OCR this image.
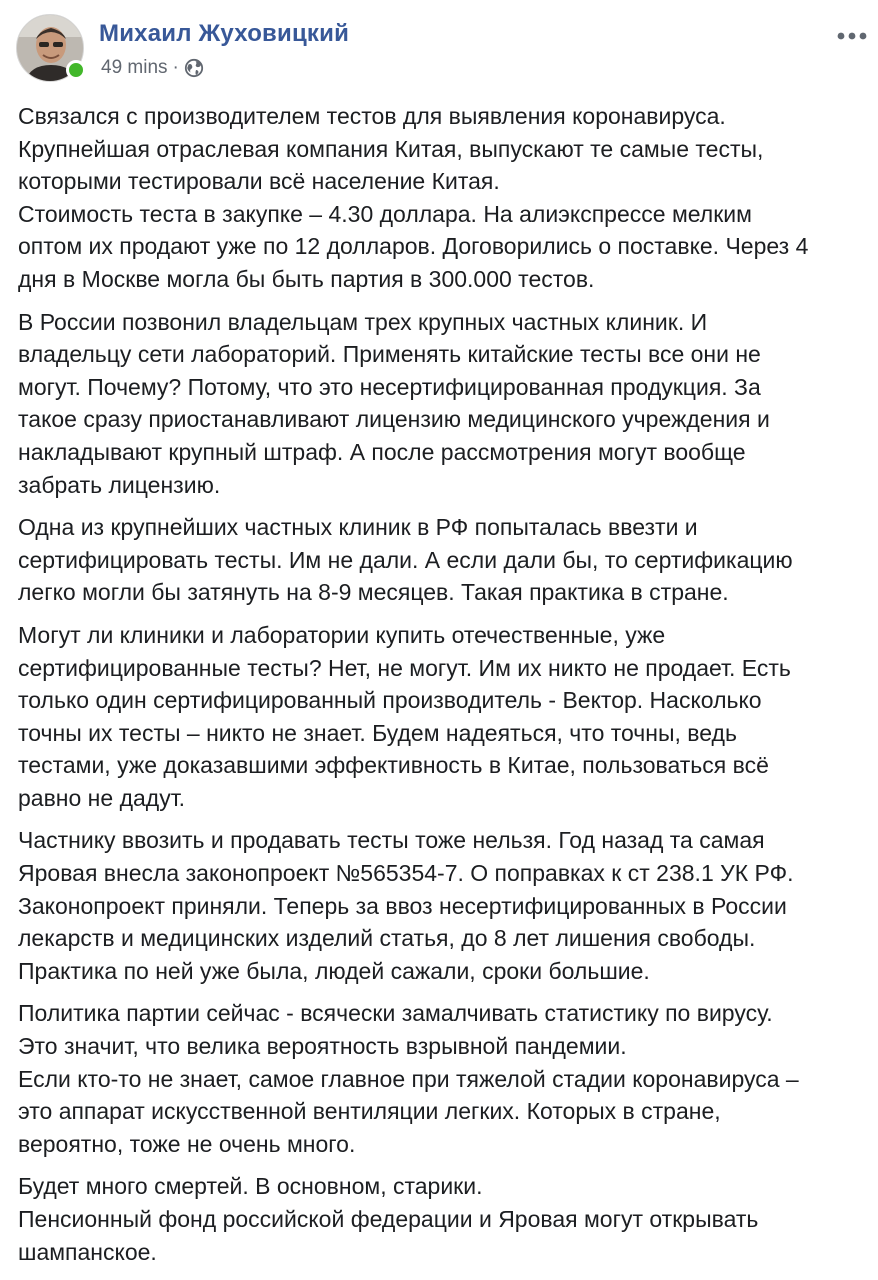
Михаил Жуховицкий
49 mins ·

Связался с производителем тестов для выявления коронавируса.
Крупнейшая отраслевая компания Китая, выпускают те самые тесты,
которыми тестировали всё население Китая.
Стоимость теста в закупке – 4.30 доллара. На алиэкспрессе мелким
оптом их продают уже по 12 долларов. Договорились о поставке. Через 4
дня в Москве могла бы быть партия в 300.000 тестов.

В России позвонил владельцам трех крупных частных клиник. И
владельцу сети лабораторий. Применять китайские тесты все они не
могут. Почему? Потому, что это несертифицированная продукция. За
такое сразу приостанавливают лицензию медицинского учреждения и
накладывают крупный штраф. А после рассмотрения могут вообще
забрать лицензию.

Одна из крупнейших частных клиник в РФ попыталась ввезти и
сертифицировать тесты. Им не дали. А если дали бы, то сертификацию
легко могли бы затянуть на 8-9 месяцев. Такая практика в стране.

Могут ли клиники и лаборатории купить отечественные, уже
сертифицированные тесты? Нет, не могут. Им их никто не продает. Есть
только один сертифицированный производитель - Вектор. Насколько
точны их тесты – никто не знает. Будем надеяться, что точны, ведь
тестами, уже доказавшими эффективность в Китае, пользоваться всё
равно не дадут.

Частнику ввозить и продавать тесты тоже нельзя. Год назад та самая
Яровая внесла законопроект №565354-7. О поправках к ст 238.1 УК РФ.
Законопроект приняли. Теперь за ввоз несертифицированных в России
лекарств и медицинских изделий статья, до 8 лет лишения свободы.
Практика по ней уже была, людей сажали, сроки большие.

Политика партии сейчас - всячески замалчивать статистику по вирусу.
Это значит, что велика вероятность взрывной пандемии.
Если кто-то не знает, самое главное при тяжелой стадии коронавируса –
это аппарат искусственной вентиляции легких. Которых в стране,
вероятно, тоже не очень много.

Будет много смертей. В основном, старики.
Пенсионный фонд российской федерации и Яровая могут открывать
шампанское.
